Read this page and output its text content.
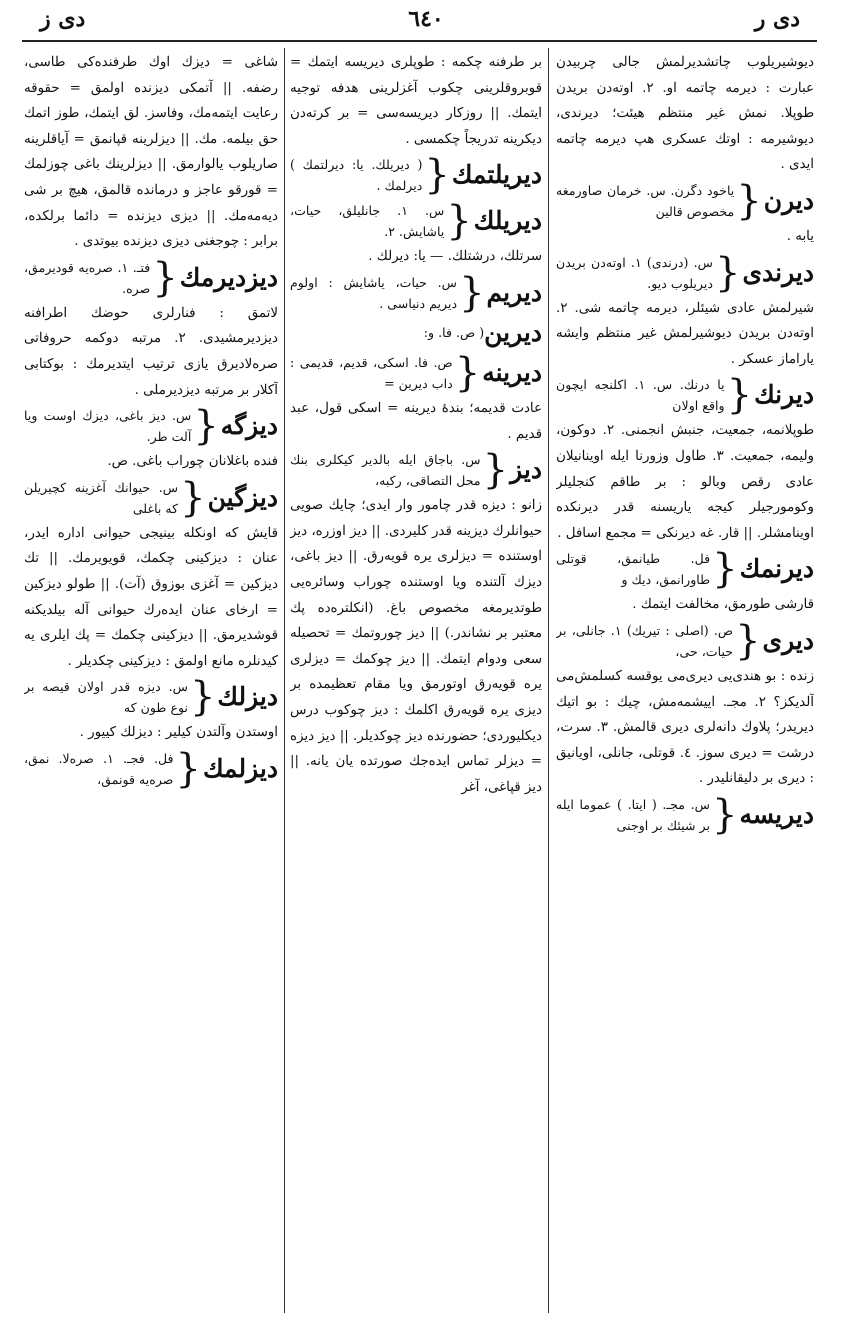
دی ر
٦٤٠
دی ز

دیوشیریلوب چاتشدیرلمش جالی چربیدن عبارت : دیرمه چاتمه او. ۲. اوته‌دن بریدن طوپلا. نمش غیر منتظم هیئت؛ دیرندی، دیوشیرمه : اوتك عسكری هپ دیرمه چاتمه ایدی .

دیرن
{
یاخود دگرن. س. خرمان صاورمغه مخصوص قالین

یابه .

دیرندی
{
س. (درندی) ۱. اوته‌دن بریدن دیریلوب دیو.

شیرلمش عادی شیئلر، دیرمه چاتمه شی. ۲. اوته‌دن بریدن دیوشیرلمش غیر منتظم وایشه یاراماز عسكر .

دیرنك
{
یا درنك. س. ۱. اكلنجه ایچون واقع اولان

طوپلانمه، جمعیت، جنبش انجمنی. ۲. دوكون، ولیمه، جمعیت. ۳. طاول وزورنا ایله اوینانیلان عادی رقص وبالو : بر طاقم كنجلیلر وكومورجیلر كیجه یاریسنه قدر دیرنكده اوینامشلر. || قار. غه دیرنكی = مجمع اسافل .

دیرنمك
{
فل. طیانمق، قوتلی طاورانمق، دیك و

قارشی طورمق، مخالفت ایتمك .

دیری
{
ص. (اصلی : تیریك) ۱. جانلی، بر حیات، حی،

زنده : بو هندی‌یی دیری‌می یوقسه كسلمش‌می آلدیكز؟ ۲. مجـ. اییشمه‌مش، چیك : بو اتیك دیریدر؛ پلاوك دانه‌لری دیری قالمش. ۳. سرت، درشت = دیری سوز. ٤. قوتلی، جانلی، اویانیق : دیری بر دلیقانلیدر .

دیریسه
{
س. مجـ. ( ایتا. ) عموما ایله بر شیئك بر اوجنی

بر طرفنه چكمه : طوپلری دیریسه ایتمك = قوبروقلرینی چكوب آغزلرینی هدفه توجیه ایتمك. || روزكار دیریسه‌سی = بر كرته‌دن دیكرینه تدریجاً چكمسی .

دیریلتمك
{
( دیریلك. یا: دیرلتمك ) دیرلمك .
دیریلك
{
س. ۱. جانلیلق، حیات، یاشایش. ۲.

سرتلك، درشتلك. — یا: دیرلك .

دیریم
{
س. حیات، یاشایش : اولوم دیریم دنیاسی .
دیرین
( ص. فا. و:
دیرینه
{
ص. فا. اسكی، قدیم، قدیمی : داب دیرین =

عادت قدیمه؛ بندهٔ دیرینه = اسكی قول، عبد قدیم .

دیز
{
س. باجاق ایله بالدیر كیكلری بنك محل التصاقی، ركبه،

زانو : دیزه قدر چامور وار ایدی؛ چایك صویی حیوانلرك دیزینه قدر كلیردی. || دیز اوزره، دیز اوستنده = دیزلری یره قویه‌رق. || دیز باغی، دیزك آلتنده ویا اوستنده چوراب وسائره‌یی طوتدیرمغه مخصوص باغ. (انكلتره‌ده پك معتبر بر نشاندر.) || دیز چوروتمك = تحصیله سعی ودوام ایتمك. || دیز چوكمك = دیزلری یره قویه‌رق اوتورمق ویا مقام تعظیمده بر دیزی یره قویه‌رق اكلمك : دیز چوكوب درس دیكلیوردی؛ حضورنده دیز چوكدیلر. || دیز دیزه = دیزلر تماس ایده‌جك صورتده یان یانه. || دیز قپاغی، آغر

شاغی = دیزك اوك طرفنده‌كی طاسی، رضفه. || آتمكی دیزنده اولمق = حقوقه رعایت ایتمه‌مك، وفاسز. لق ایتمك، طوز اتمك حق بیلمه. مك. || دیزلرینه قپانمق = آیاقلرینه صاریلوب یالوارمق. || دیزلرینك باغی چوزلمك = قورقو عاجز و درمانده قالمق، هیچ بر شی دیه‌مه‌مك. || دیزی دیزنده = دائما برلكده، برابر : چوجغنی دیزی دیزنده بیوتدی .

دیزدیرمك
{
فتـ. ۱. صره‌یه قودیرمق، صره.

لاتمق : فنارلری حوضك اطرافنه دیزدیرمشیدی. ۲. مرتبه دوكمه حروفاتی صره‌لادیرق یازی ترتیب ایتدیرمك : بوكتابی آكلار بر مرتبه دیزدیرملی .

دیزگه
{
س. دیز باغی، دیزك اوست ویا آلت طر.

فنده باغلانان چوراب باغی. ص.

دیزگین
{
س. حیوانك آغزینه كچیریلن كه باغلی

قایش كه اونكله بینیجی حیوانی اداره ایدر، عنان : دیزكینی چكمك، قویویرمك. || تك دیزكین = آغزی بوزوق (آت). || طولو دیزكین = ارخای عنان ایده‌رك حیوانی آله بیلدیكنه قوشدیرمق. || دیزكینی چكمك = پك ایلری یه كیدنلره مانع اولمق : دیزكینی چكدیلر .

دیزلك
{
س. دیزه قدر اولان قیصه بر نوع طون كه

اوستدن وآلتدن كیلیر : دیزلك كییور .

دیزلمك
{
فل. فجـ. ۱. صره‌لا. نمق، صره‌یه قونمق،
